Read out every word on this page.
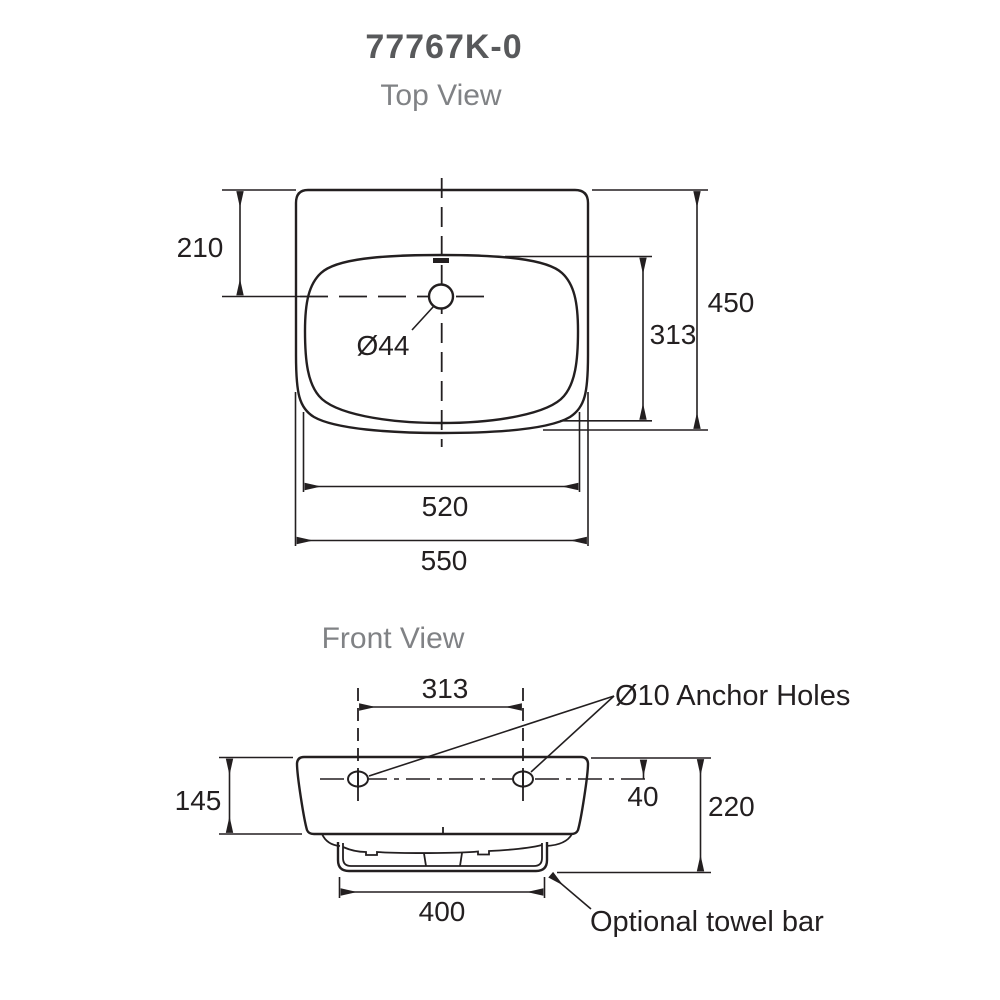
77767K-0
Top View
Front View
Ø44
210
450
313
520
550
313
145	40 220
400
Ø10 Anchor Holes
Optional towel bar
